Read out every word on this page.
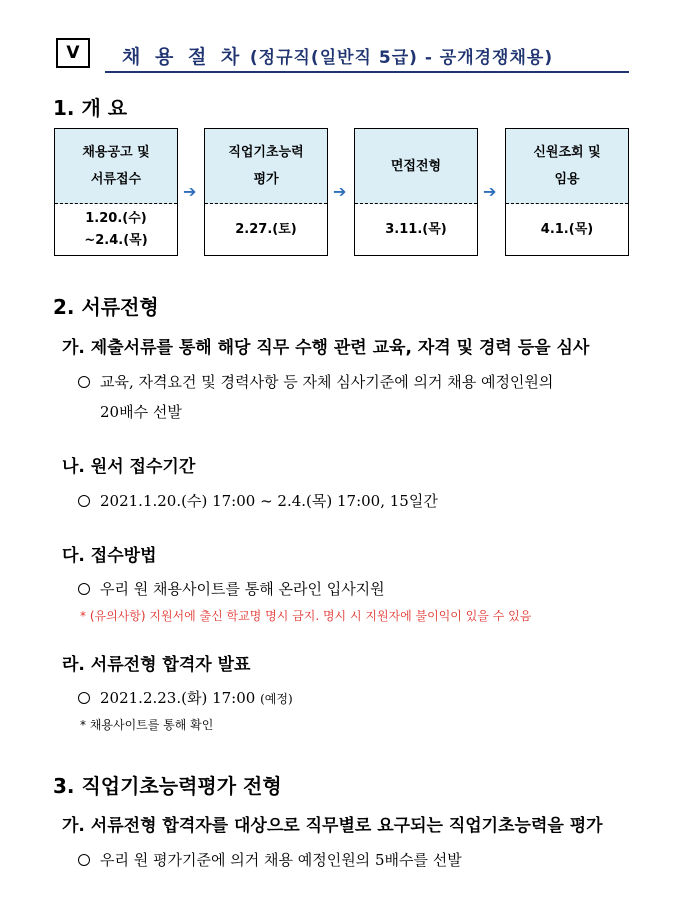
Ⅴ 채 용 절 차 (정규직(일반직 5급) - 공개경쟁채용)
1. 개 요
채용공고 및
서류접수
1.20.(수)
~2.4.(목)
➔
직업기초능력
평가
2.27.(토)
➔
면접전형
3.11.(목)
➔
신원조회 및
임용
4.1.(목)
2. 서류전형
가. 제출서류를 통해 해당 직무 수행 관련 교육, 자격 및 경력 등을 심사
교육, 자격요건 및 경력사항 등 자체 심사기준에 의거 채용 예정인원의
20배수 선발
나. 원서 접수기간
2021.1.20.(수) 17:00 ~ 2.4.(목) 17:00, 15일간
다. 접수방법
우리 원 채용사이트를 통해 온라인 입사지원
* (유의사항) 지원서에 출신 학교명 명시 금지. 명시 시 지원자에 불이익이 있을 수 있음
라. 서류전형 합격자 발표
2021.2.23.(화) 17:00 (예정)
* 채용사이트를 통해 확인
3. 직업기초능력평가 전형
가. 서류전형 합격자를 대상으로 직무별로 요구되는 직업기초능력을 평가
우리 원 평가기준에 의거 채용 예정인원의 5배수를 선발
